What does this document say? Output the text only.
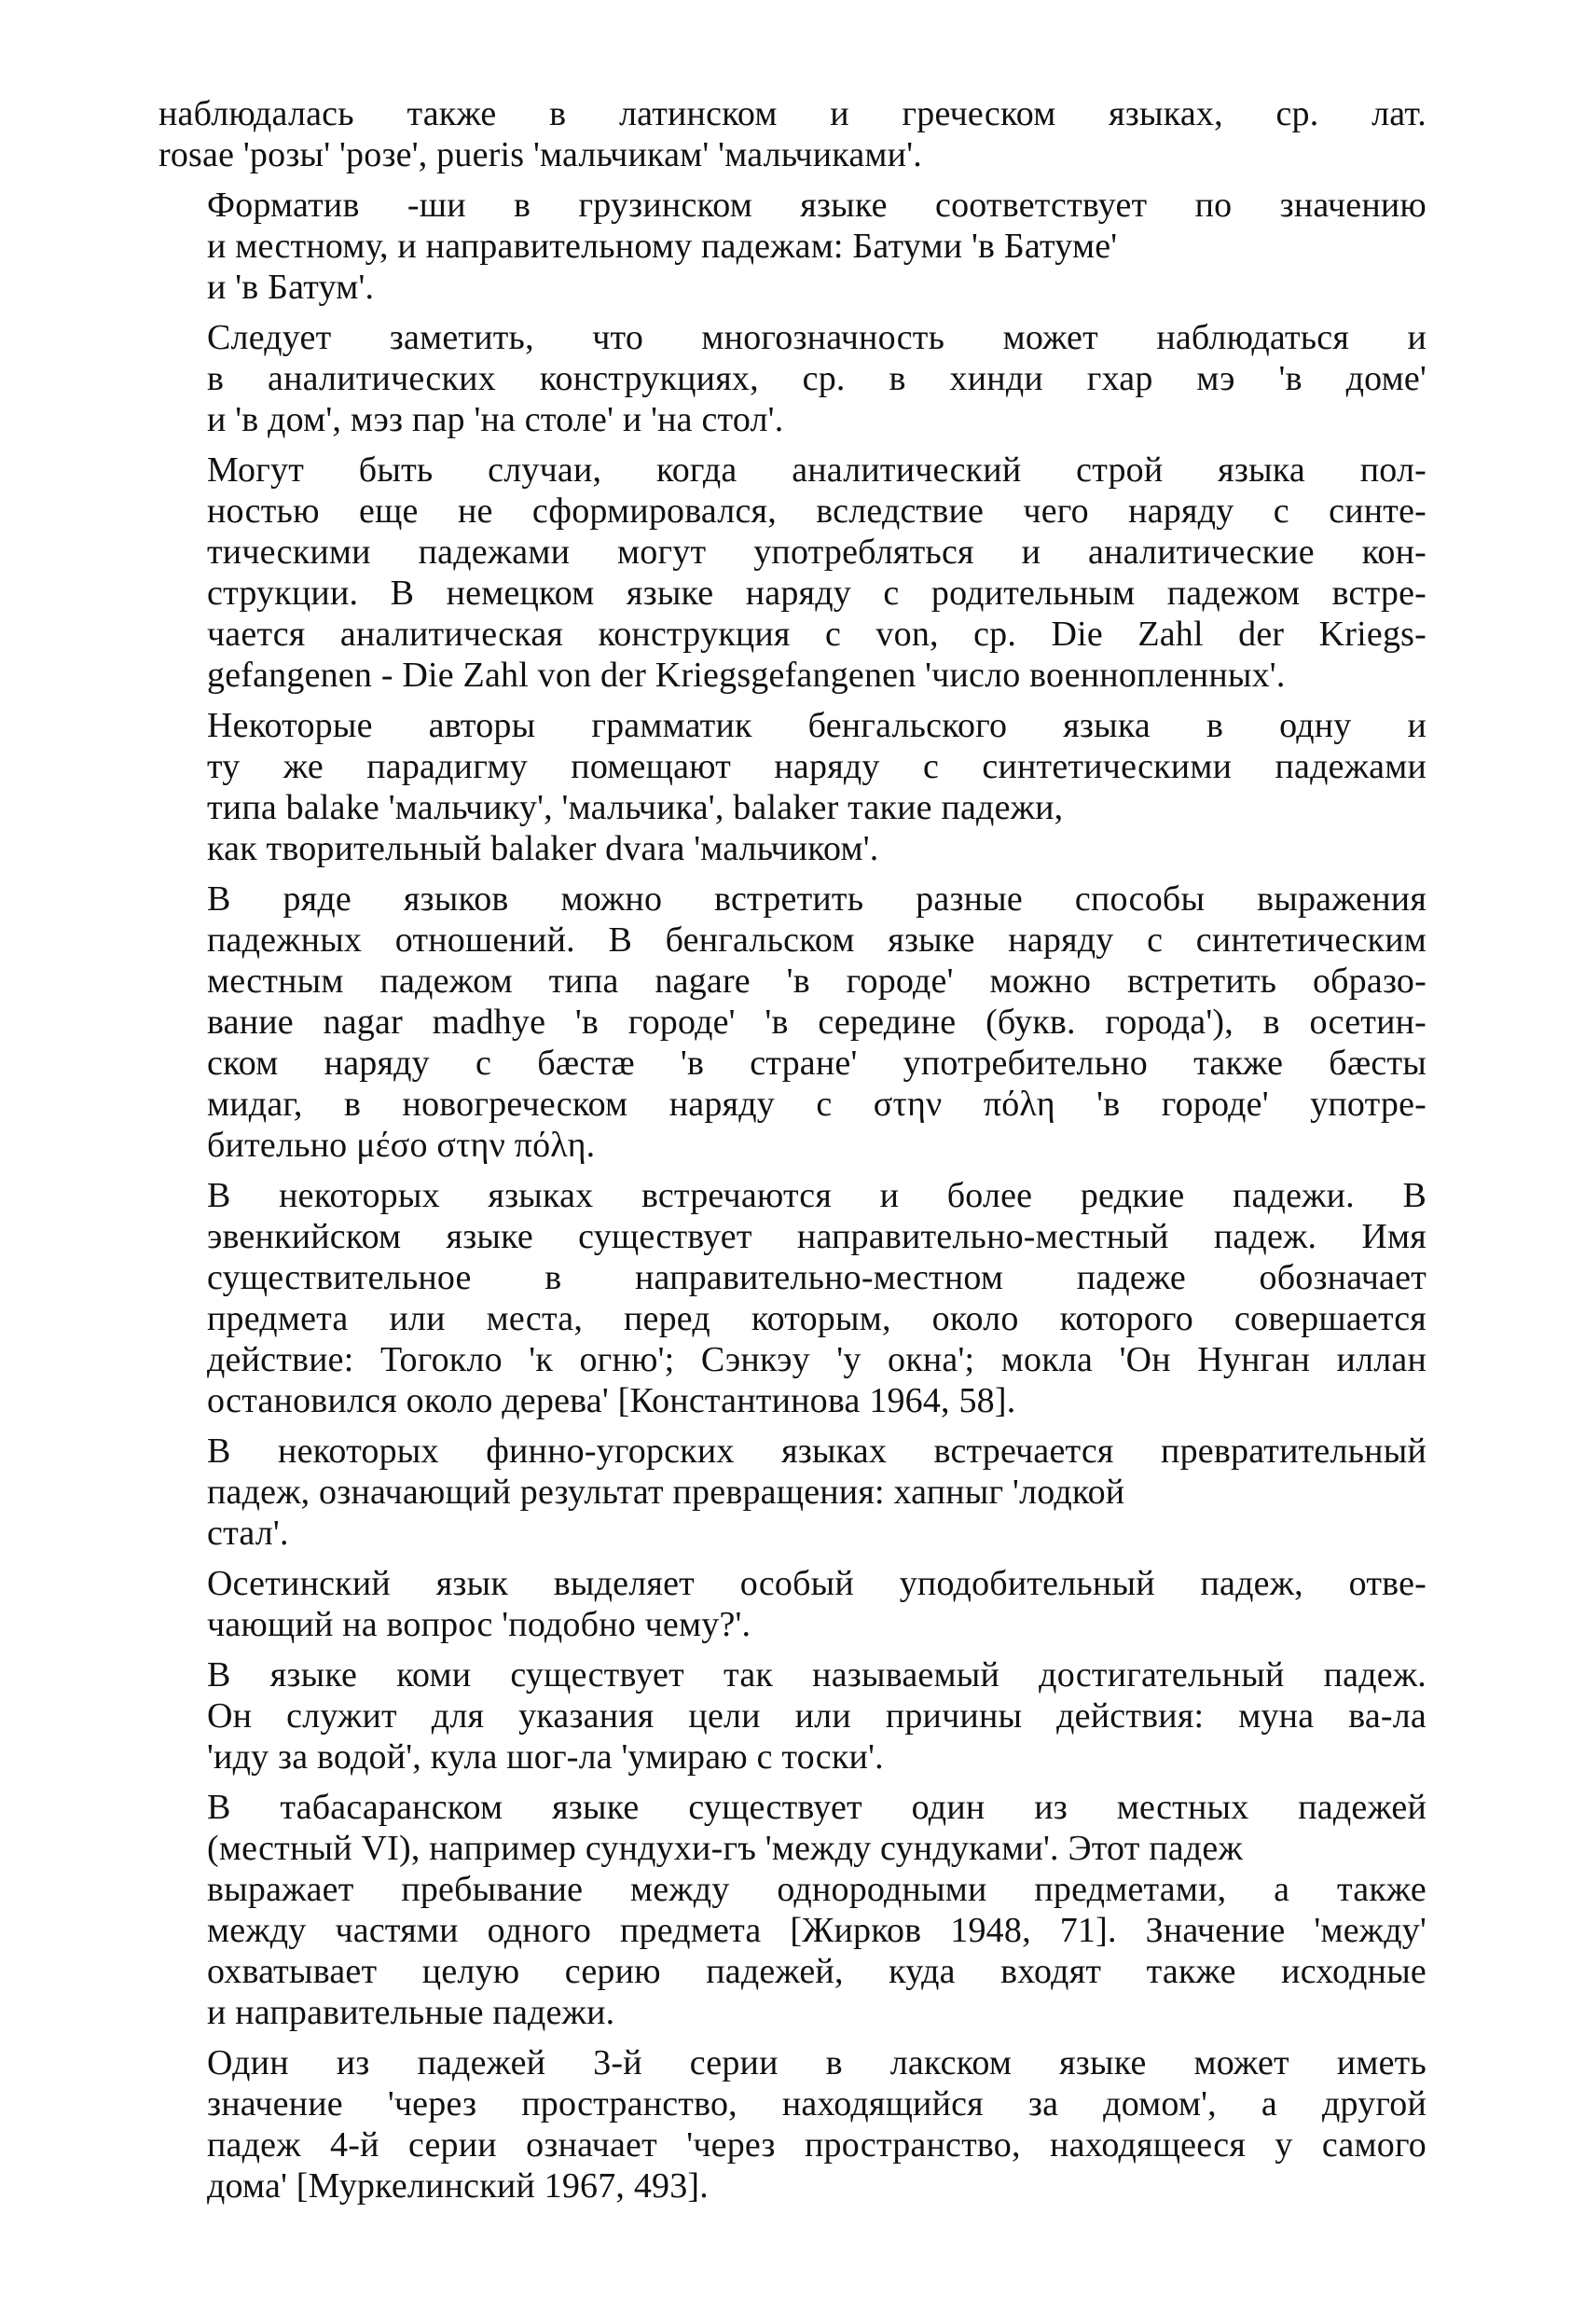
наблюдалась также в латинском и греческом языках, ср. лат.
rosae 'розы' 'розе', pueris 'мальчикам' 'мальчиками'.
Форматив -ши в грузинском языке соответствует по значению
и местному, и направительному падежам: Батуми 'в Батуме'
и 'в Батум'.
Следует заметить, что многозначность может наблюдаться и
в аналитических конструкциях, ср. в хинди гхар мэ 'в доме'
и 'в дом', мэз пар 'на столе' и 'на стол'.
Могут быть случаи, когда аналитический строй языка пол-
ностью еще не сформировался, вследствие чего наряду с синте-
тическими падежами могут употребляться и аналитические кон-
струкции. В немецком языке наряду с родительным падежом встре-
чается аналитическая конструкция с von, ср. Die Zahl der Kriegs-
gefangenen - Die Zahl von der Kriegsgefangenen 'число военнопленных'.
Некоторые авторы грамматик бенгальского языка в одну и
ту же парадигму помещают наряду с синтетическими падежами
типа balake 'мальчику', 'мальчика', balaker такие падежи,
как творительный balaker dvara 'мальчиком'.
В ряде языков можно встретить разные способы выражения
падежных отношений. В бенгальском языке наряду с синтетическим
местным падежом типа nagare 'в городе' можно встретить образо-
вание nagar madhye 'в городе' 'в середине (букв. города'), в осетин-
ском наряду с бæстæ 'в стране' употребительно также бæсты
мидаг, в новогреческом наряду с στην πόλη 'в городе' употре-
бительно μέσο στην πόλη.
В некоторых языках встречаются и более редкие падежи. В
эвенкийском языке существует направительно-местный падеж. Имя
существительное в направительно-местном падеже обозначает
предмета или места, перед которым, около которого совершается
действие: Тогокло 'к огню'; Сэнкэу 'у окна'; мокла 'Он Нунган иллан
остановился около дерева' [Константинова 1964, 58].
В некоторых финно-угорских языках встречается превратительный
падеж, означающий результат превращения: хапныг 'лодкой
стал'.
Осетинский язык выделяет особый уподобительный падеж, отве-
чающий на вопрос 'подобно чему?'.
В языке коми существует так называемый достигательный падеж.
Он служит для указания цели или причины действия: муна ва-ла
'иду за водой', кула шог-ла 'умираю с тоски'.
В табасаранском языке существует один из местных падежей
(местный VI), например сундухи-гъ 'между сундуками'. Этот падеж
выражает пребывание между однородными предметами, а также
между частями одного предмета [Жирков 1948, 71]. Значение 'между'
охватывает целую серию падежей, куда входят также исходные
и направительные падежи.
Один из падежей 3-й серии в лакском языке может иметь
значение 'через пространство, находящийся за домом', а другой
падеж 4-й серии означает 'через пространство, находящееся у самого
дома' [Муркелинский 1967, 493].
